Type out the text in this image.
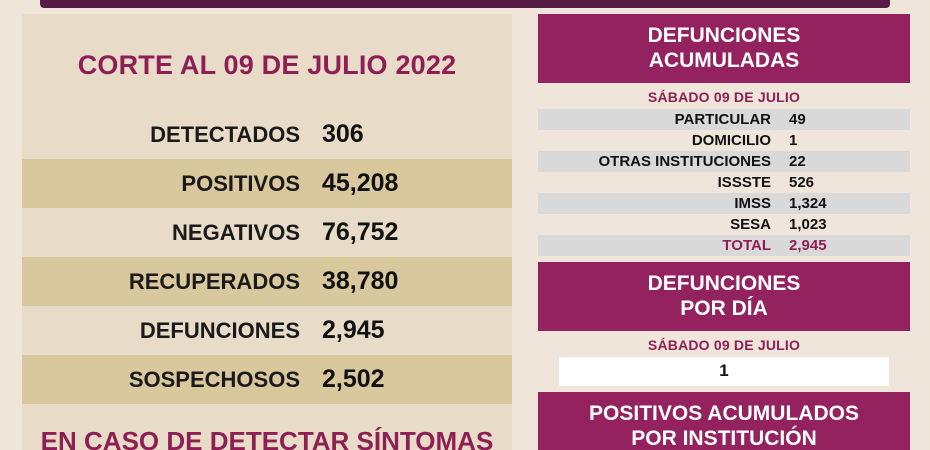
CORTE AL 09 DE JULIO 2022
DETECTADOS 306
POSITIVOS 45,208
NEGATIVOS 76,752
RECUPERADOS 38,780
DEFUNCIONES 2,945
SOSPECHOSOS 2,502
EN CASO DE DETECTAR SÍNTOMAS
DEFUNCIONES
ACUMULADAS
SÁBADO 09 DE JULIO
PARTICULAR	49
DOMICILIO	1
OTRAS INSTITUCIONES	22
ISSSTE	526
IMSS	1,324
SESA	1,023
TOTAL	2,945
DEFUNCIONES
POR DÍA
SÁBADO 09 DE JULIO
1
POSITIVOS ACUMULADOS
POR INSTITUCIÓN
